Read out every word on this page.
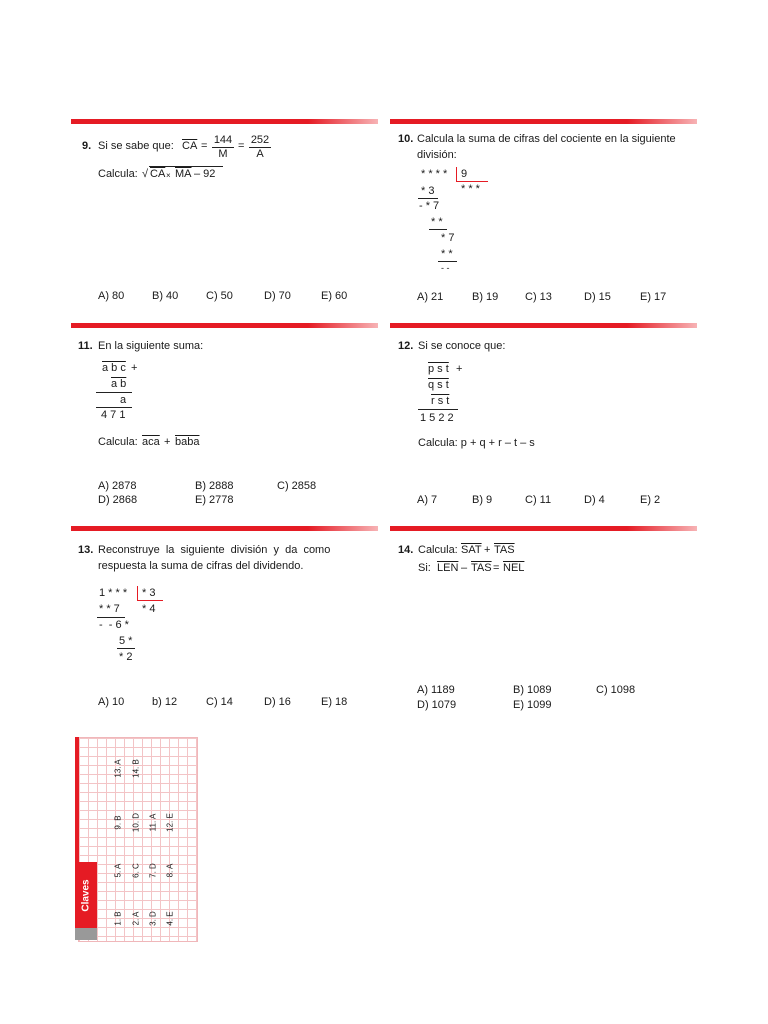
9. Si se sabe que: $\overline{CA} = 144$
M
= 252
A
Calcula: √ CA × $\overline{MA} - 92$
A) 80	B) 40	C) 50	D) 70	E) 60
10. Calcula la suma de cifras del cociente en la siguiente
división:
* * * * 9
* * *
* 3
- * 7
* *
* 7
* *
- -
A) 21	B) 19 C) 13	D) 15	E) 17
11. En la siguiente suma:
a b c +
a b
a
4 7 1
Calcula: $\overline{aca}$ + baba
A) 2878	B) 2888	C) 2858
D) 2868	E) 2778
12. Si se conoce que:
p s t +
q s t
r s t
1 5 2 2
Calcula: p + q + r – t – s
A) 7	B) 9	C) 11	D) 4	E) 2
13. Reconstruye  la  siguiente  división  y  da  como
respuesta la suma de cifras del dividendo.
1 * * * * 3
* 4
* * 7
-  - 6 *
5 *
* 2
A) 10	b) 12	C) 14	D) 16	E) 18
14. Calcula: $\overline{SAT} + \overline{TAS}$
Si: $\overline{LEN} - \overline{TAS} = \overline{NEL}$
A) 1189	B) 1089	C) 1098
D) 1079	E) 1099
13. A 14. B
9. B 10. D 11. A 12. E
5. A 6. C 7. D 8. A
1. B 2. A 3. D 4. E
Claves
